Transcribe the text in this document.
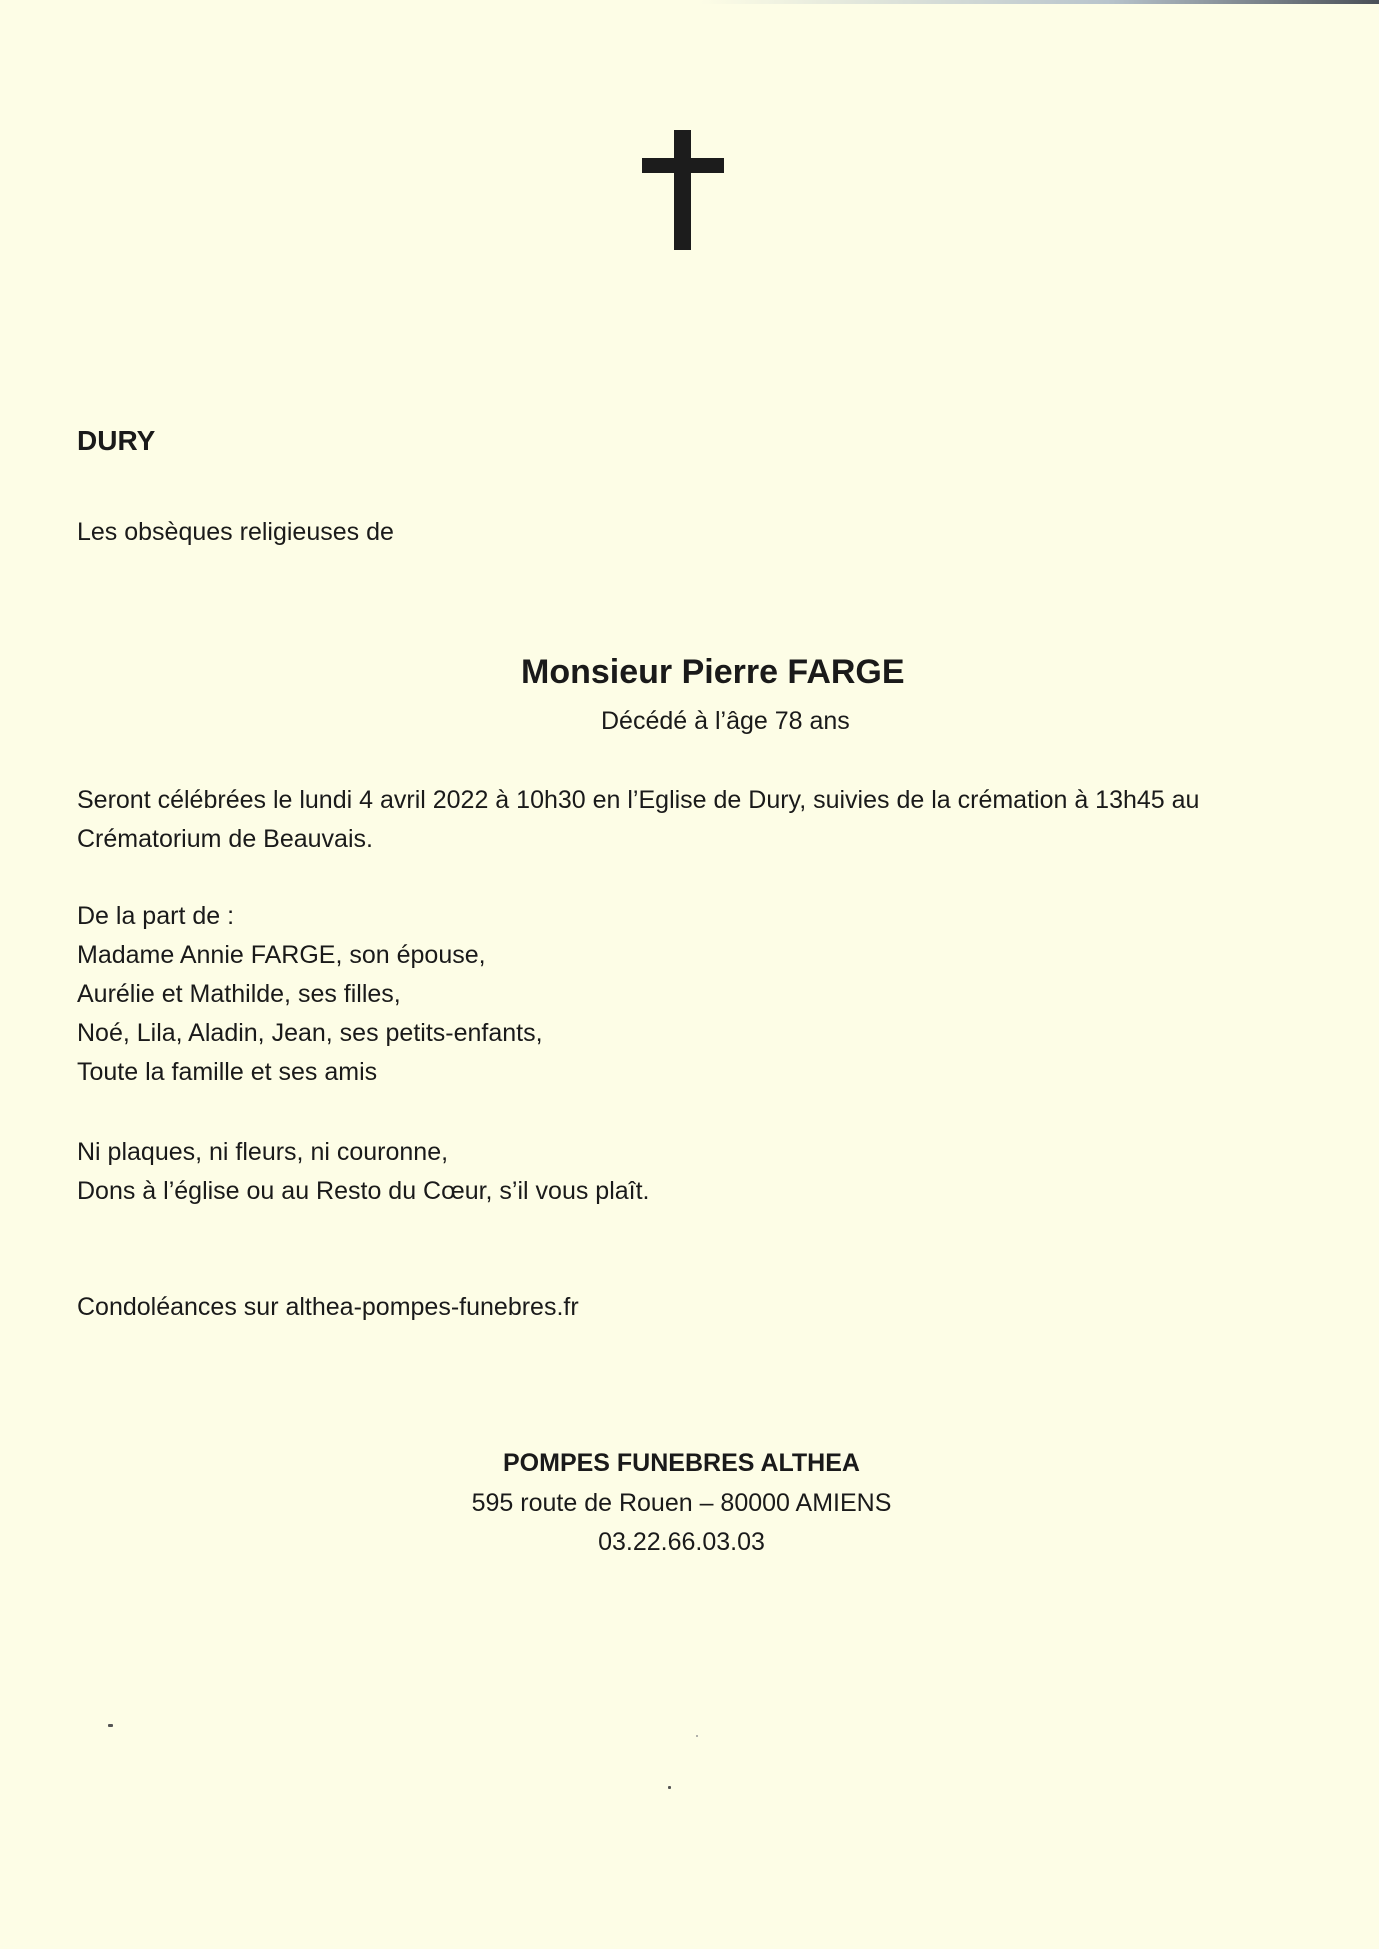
DURY
Les obsèques religieuses de
Monsieur Pierre FARGE
Décédé à l’âge 78 ans
Seront célébrées le lundi 4 avril 2022 à 10h30 en l’Eglise de Dury, suivies de la crémation à 13h45 au
Crématorium de Beauvais.
De la part de :
Madame Annie FARGE, son épouse,
Aurélie et Mathilde, ses filles,
Noé, Lila, Aladin, Jean, ses petits-enfants,
Toute la famille et ses amis
Ni plaques, ni fleurs, ni couronne,
Dons à l’église ou au Resto du Cœur, s’il vous plaît.
Condoléances sur althea-pompes-funebres.fr
POMPES FUNEBRES ALTHEA
595 route de Rouen – 80000 AMIENS
03.22.66.03.03
